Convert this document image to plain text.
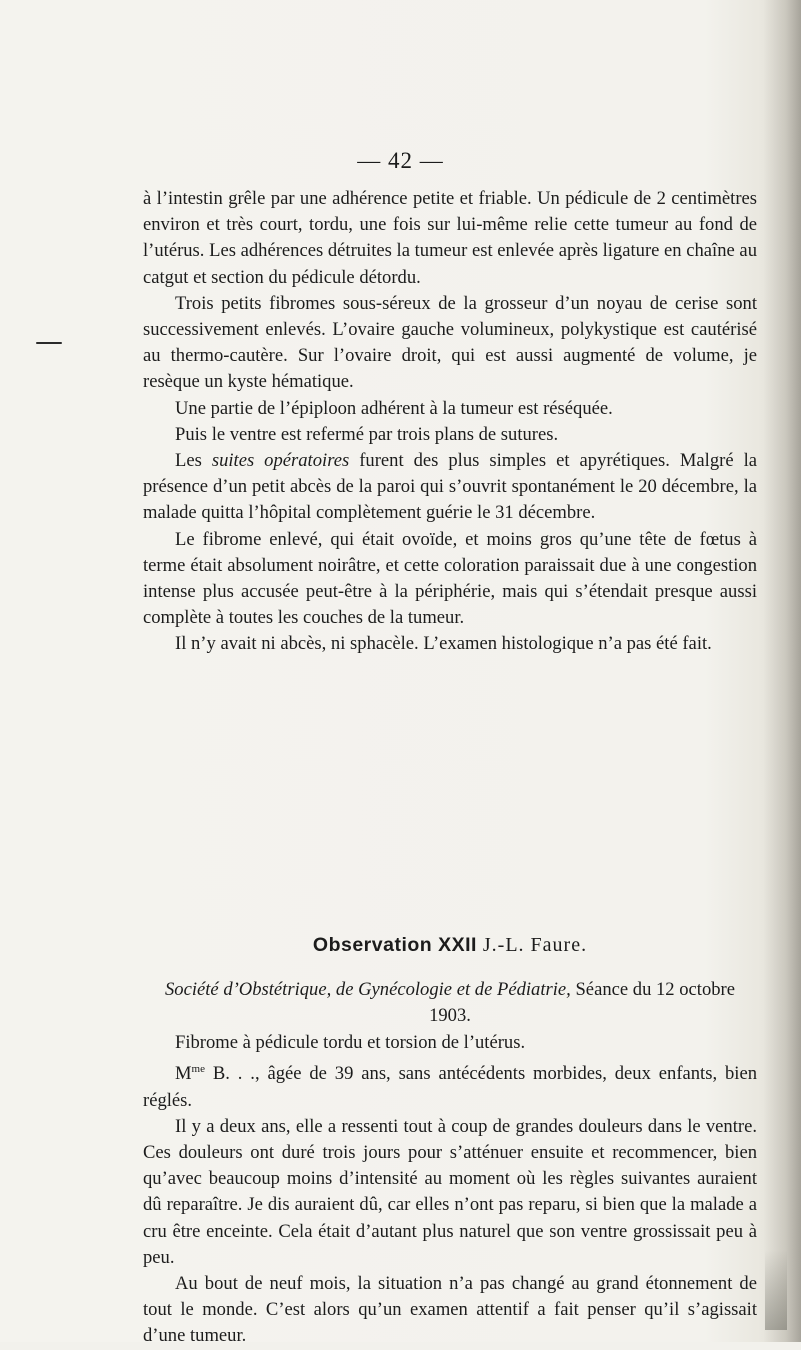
— 42 —

à l’intestin grêle par une adhérence petite et friable. Un pédicule de 2 centimètres environ et très court, tordu, une fois sur lui-même relie cette tumeur au fond de l’utérus. Les adhérences détruites la tumeur est enlevée après ligature en chaîne au catgut et section du pédicule détordu.

Trois petits fibromes sous-séreux de la grosseur d’un noyau de cerise sont successivement enlevés. L’ovaire gauche volumineux, polykystique est cautérisé au thermo-cautère. Sur l’ovaire droit, qui est aussi augmenté de volume, je resèque un kyste hématique.

Une partie de l’épiploon adhérent à la tumeur est réséquée.

Puis le ventre est refermé par trois plans de sutures.

Les suites opératoires furent des plus simples et apyrétiques. Malgré la présence d’un petit abcès de la paroi qui s’ouvrit spontanément le 20 décembre, la malade quitta l’hôpital complètement guérie le 31 décembre.

Le fibrome enlevé, qui était ovoïde, et moins gros qu’une tête de fœtus à terme était absolument noirâtre, et cette coloration paraissait due à une congestion intense plus accusée peut-être à la périphérie, mais qui s’étendait presque aussi complète à toutes les couches de la tumeur.

Il n’y avait ni abcès, ni sphacèle. L’examen histologique n’a pas été fait.

Observation XXII J.-L. Faure.
Société d’Obstétrique, de Gynécologie et de Pédiatrie, Séance du 12 octobre 1903.

Fibrome à pédicule tordu et torsion de l’utérus.

$M^{me}$ B. . ., âgée de 39 ans, sans antécédents morbides, deux enfants, bien réglés.

Il y a deux ans, elle a ressenti tout à coup de grandes douleurs dans le ventre. Ces douleurs ont duré trois jours pour s’atténuer ensuite et recommencer, bien qu’avec beaucoup moins d’intensité au moment où les règles suivantes auraient dû reparaître. Je dis auraient dû, car elles n’ont pas reparu, si bien que la malade a cru être enceinte. Cela était d’autant plus naturel que son ventre grossissait peu à peu.

Au bout de neuf mois, la situation n’a pas changé au grand étonnement de tout le monde. C’est alors qu’un examen attentif a fait penser qu’il s’agissait d’une tumeur.
